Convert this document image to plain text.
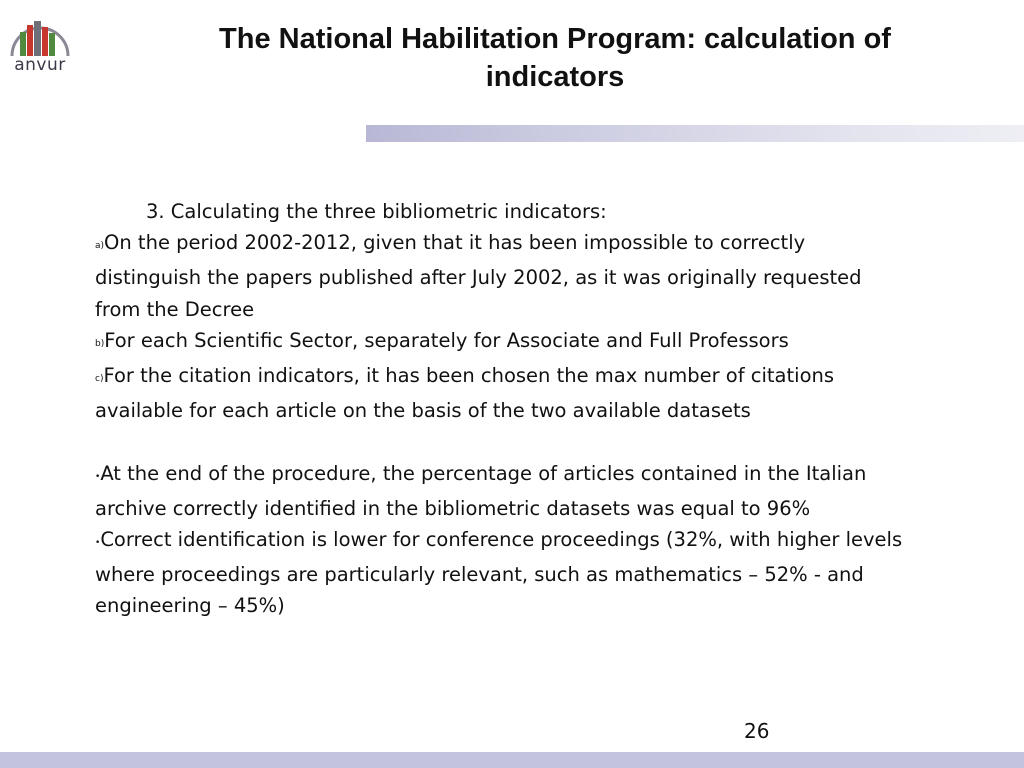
anvur
The National Habilitation Program: calculation of
indicators

3. Calculating the three bibliometric indicators:

a)On the period 2002-2012, given that it has been impossible to correctly

distinguish the papers published after July 2002, as it was originally requested

from the Decree

b)For each Scientific Sector, separately for Associate and Full Professors

c)For the citation indicators, it has been chosen the max number of citations

available for each article on the basis of the two available datasets

•At the end of the procedure, the percentage of articles contained in the Italian

archive correctly identified in the bibliometric datasets was equal to 96%

•Correct identification is lower for conference proceedings (32%, with higher levels

where proceedings are particularly relevant, such as mathematics – 52% - and

engineering – 45%)

26
